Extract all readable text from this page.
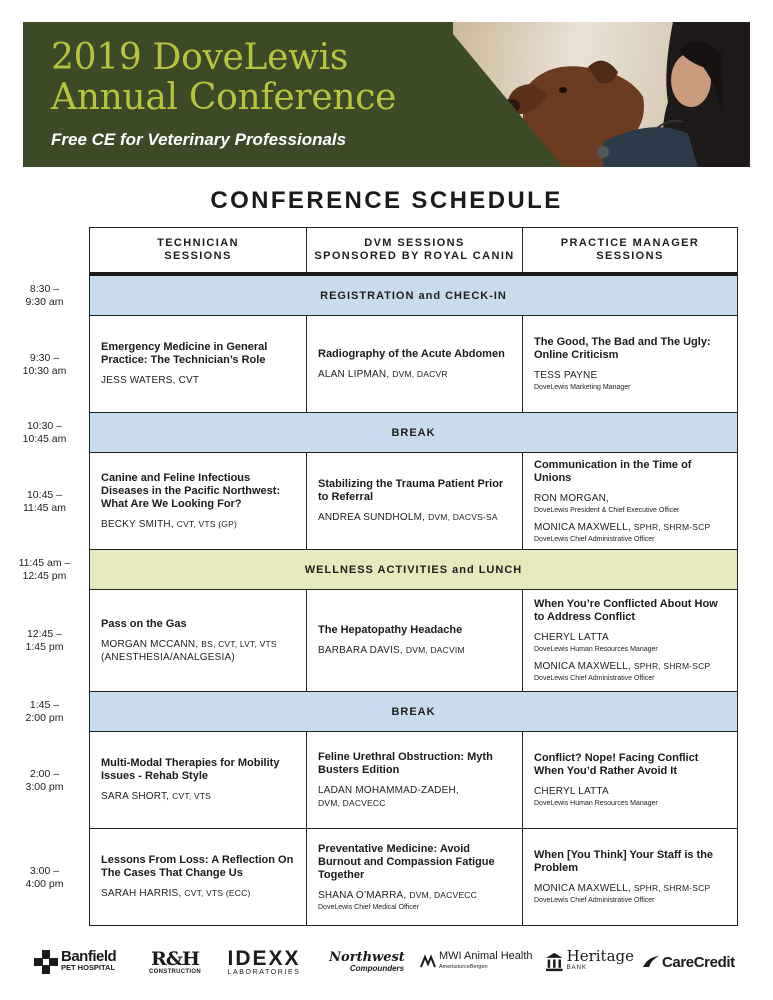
2019 DoveLewis
Annual Conference
Free CE for Veterinary Professionals
CONFERENCE SCHEDULE
TECHNICIAN
SESSIONS
DVM SESSIONS
SPONSORED BY ROYAL CANIN
PRACTICE MANAGER
SESSIONS
8:30 –
9:30 am
9:30 –
10:30 am
10:30 –
10:45 am
10:45 –
11:45 am
11:45 am –
12:45 pm
12:45 –
1:45 pm
1:45 –
2:00 pm
2:00 –
3:00 pm
3:00 –
4:00 pm
REGISTRATION and CHECK-IN
BREAK
WELLNESS ACTIVITIES and LUNCH
BREAK
Emergency Medicine in General Practice: The Technician’s Role
JESS WATERS, CVT
Radiography of the Acute Abdomen
ALAN LIPMAN, DVM, DACVR
The Good, The Bad and The Ugly: Online Criticism
TESS PAYNE
DoveLewis Marketing Manager
Canine and Feline Infectious Diseases in the Pacific Northwest: What Are We Looking For?
BECKY SMITH, CVT, VTS (GP)
Stabilizing the Trauma Patient Prior to Referral
ANDREA SUNDHOLM, DVM, DACVS-SA
Communication in the Time of Unions
RON MORGAN,
DoveLewis President & Chief Executive Officer
MONICA MAXWELL, SPHR, SHRM-SCP
DoveLewis Chief Administrative Officer
Pass on the Gas
MORGAN MCCANN, BS, CVT, LVT, VTS
(ANESTHESIA/ANALGESIA)
The Hepatopathy Headache
BARBARA DAVIS, DVM, DACVIM
When You’re Conflicted About How to Address Conflict
CHERYL LATTA
DoveLewis Human Resources Manager
MONICA MAXWELL, SPHR, SHRM-SCP
DoveLewis Chief Administrative Officer
Multi-Modal Therapies for Mobility Issues - Rehab Style
SARA SHORT, CVT, VTS
Feline Urethral Obstruction: Myth Busters Edition
LADAN MOHAMMAD-ZADEH,
DVM, DACVECC
Conflict? Nope! Facing Conflict When You’d Rather Avoid It
CHERYL LATTA
DoveLewis Human Resources Manager
Lessons From Loss: A Reflection On The Cases That Change Us
SARAH HARRIS, CVT, VTS (ECC)
Preventative Medicine: Avoid Burnout and Compassion Fatigue Together
SHANA O’MARRA, DVM, DACVECC
DoveLewis Chief Medical Officer
When [You Think] Your Staff is the Problem
MONICA MAXWELL, SPHR, SHRM-SCP
DoveLewis Chief Administrative Officer
Banfield
PET HOSPITAL R&H
CONSTRUCTION
IDEXX
LABORATORIES
Northwest
Compounders
MWI Animal Health
AmerisourceBergen
Heritage
BANK	CareCredit
